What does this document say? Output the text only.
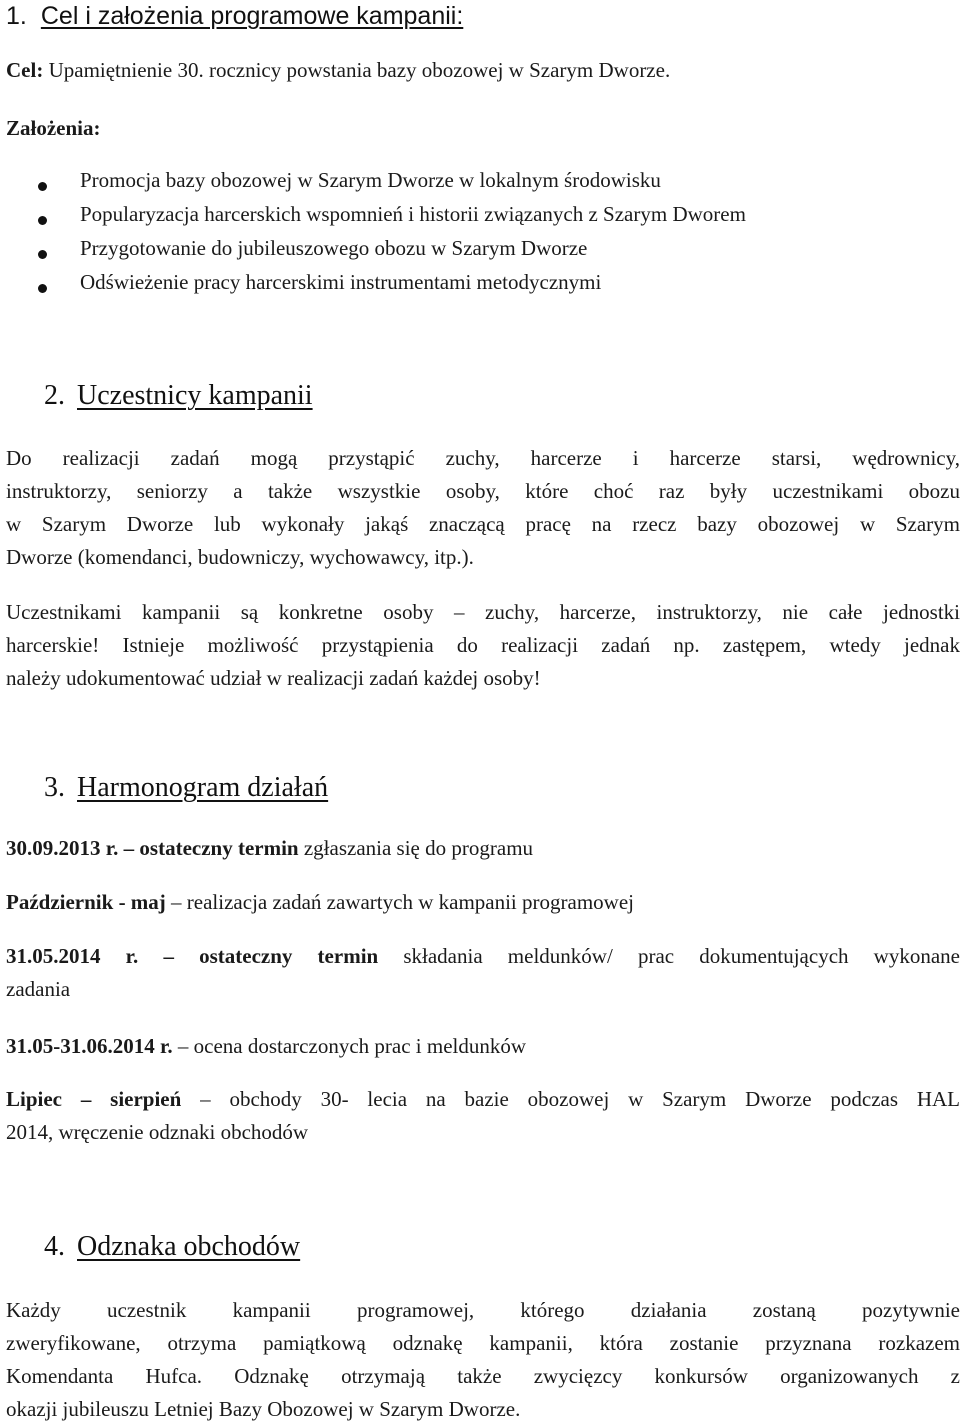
1. Cel i założenia programowe kampanii:
Cel: Upamiętnienie 30. rocznicy powstania bazy obozowej w Szarym Dworze.
Założenia:
Promocja bazy obozowej w Szarym Dworze w lokalnym środowisku
Popularyzacja harcerskich wspomnień i historii związanych z Szarym Dworem
Przygotowanie do jubileuszowego obozu w Szarym Dworze
Odświeżenie pracy harcerskimi instrumentami metodycznymi
2. Uczestnicy kampanii
Do realizacji zadań mogą przystąpić zuchy, harcerze i harcerze starsi, wędrownicy,
instruktorzy, seniorzy a także wszystkie osoby, które choć raz były uczestnikami obozu
w Szarym Dworze lub wykonały jakąś znaczącą pracę na rzecz bazy obozowej w Szarym
Dworze (komendanci, budowniczy, wychowawcy, itp.).
Uczestnikami kampanii są konkretne osoby – zuchy, harcerze, instruktorzy, nie całe jednostki
harcerskie! Istnieje możliwość przystąpienia do realizacji zadań np. zastępem, wtedy jednak
należy udokumentować udział w realizacji zadań każdej osoby!
3. Harmonogram działań
30.09.2013 r. – ostateczny termin zgłaszania się do programu
Październik - maj – realizacja zadań zawartych w kampanii programowej
31.05.2014 r. – ostateczny termin składania meldunków/ prac dokumentujących wykonane
zadania
31.05-31.06.2014 r. – ocena dostarczonych prac i meldunków
Lipiec – sierpień – obchody 30- lecia na bazie obozowej w Szarym Dworze podczas HAL
2014, wręczenie odznaki obchodów
4. Odznaka obchodów
Każdy uczestnik kampanii programowej, którego działania zostaną pozytywnie
zweryfikowane, otrzyma pamiątkową odznakę kampanii, która zostanie przyznana rozkazem
Komendanta Hufca. Odznakę otrzymają także zwycięzcy konkursów organizowanych z
okazji jubileuszu Letniej Bazy Obozowej w Szarym Dworze.
